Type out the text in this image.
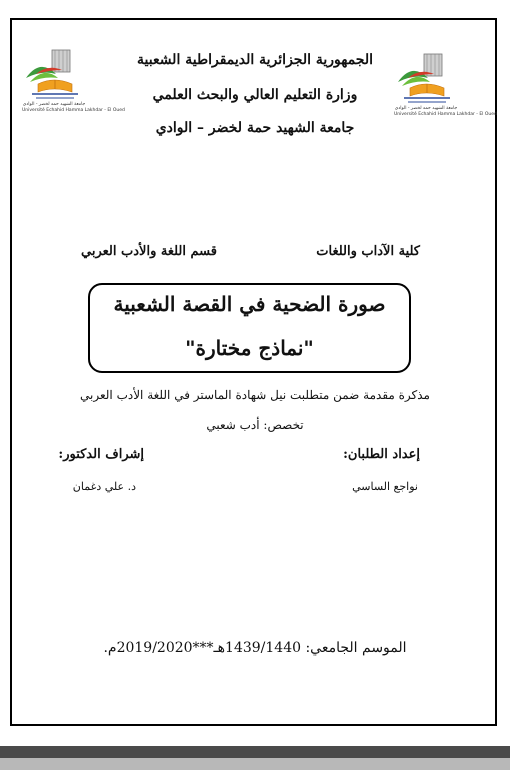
الجمهورية الجزائرية الديمقراطية الشعبية
وزارة التعليم العالي والبحث العلمي
جامعة الشهيد حمة لخضر – الوادي
جامعة الشهيد حمه لخضر - الوادي
Université Echahid Hamma Lakhdar - El Oued	جامعة الشهيد حمه لخضر - الوادي
Université Echahid Hamma Lakhdar - El Oued
كلية الآداب واللغات
قسم اللغة والأدب العربي
صورة الضحية في القصة الشعبية
"نماذج مختارة"
مذكرة مقدمة ضمن متطلبت نيل شهادة الماستر في اللغة الأدب العربي
تخصص: أدب شعبي
إعداد الطلبان:
إشراف الدكتور:
نواجع الساسي
د. علي دغمان
الموسم الجامعي: 1439/1440هـ***2019/2020م.
